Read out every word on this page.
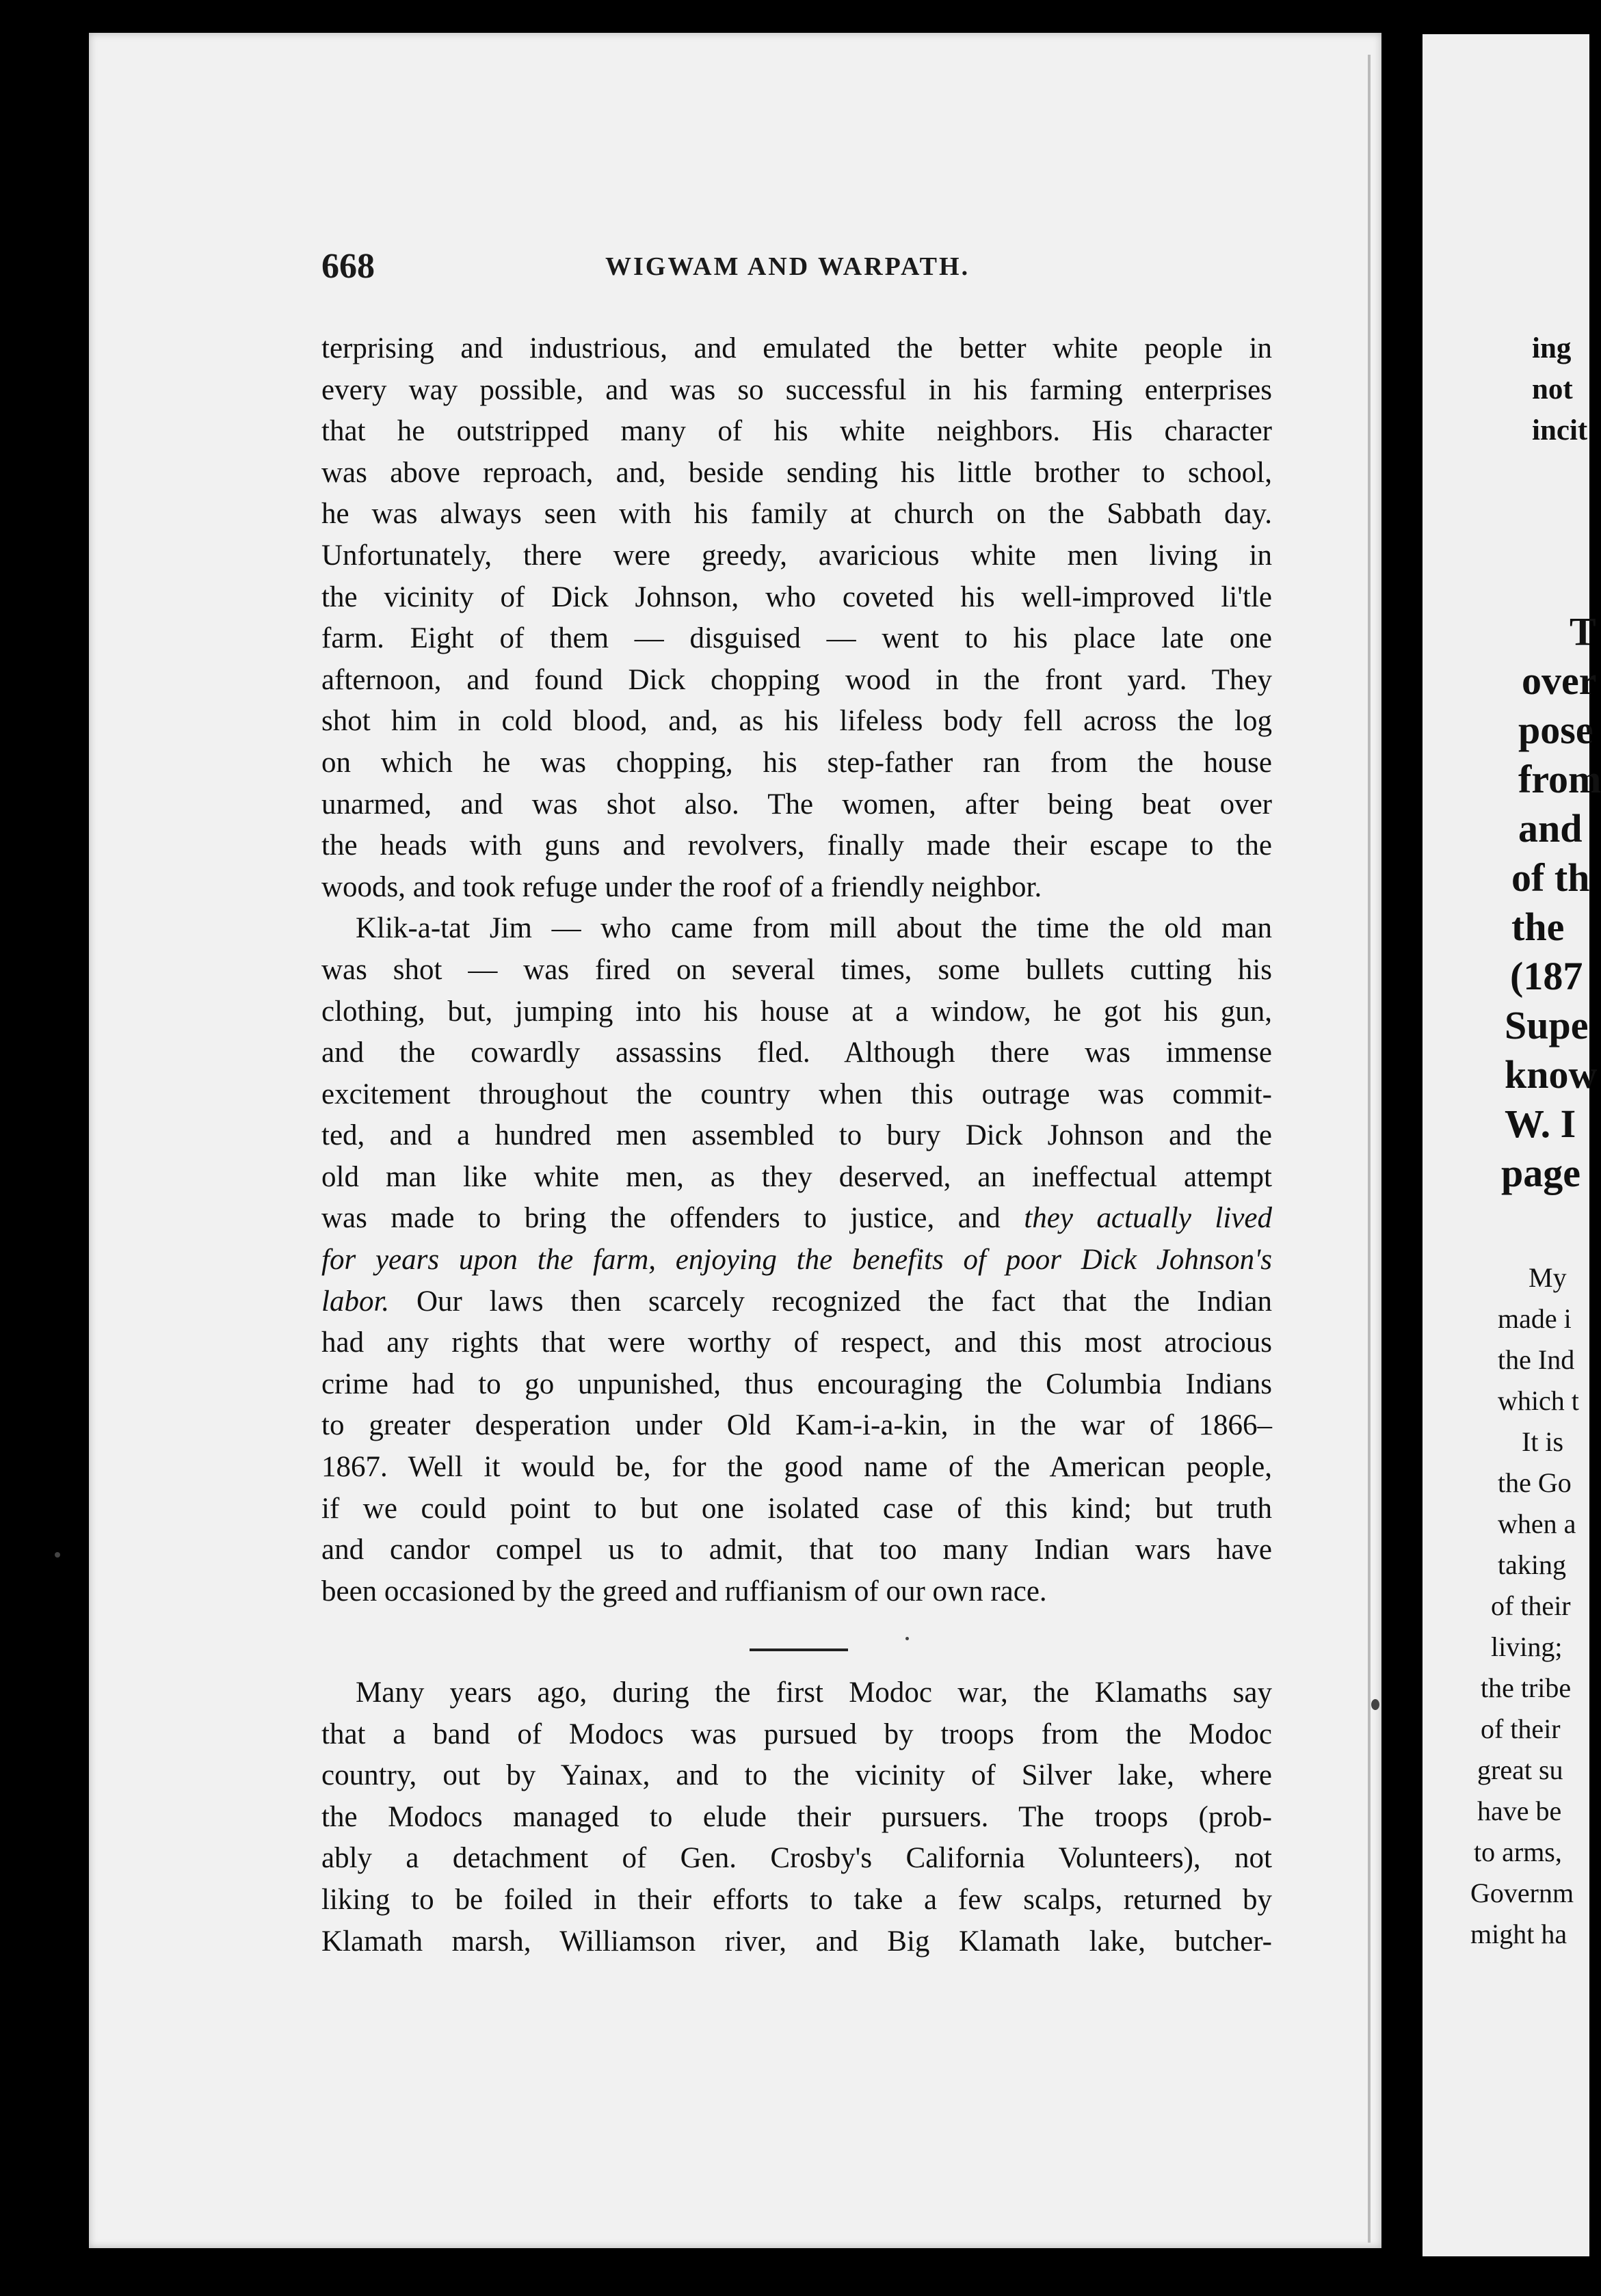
668	WIGWAM AND WARPATH.
terprising and industrious, and emulated the better white people in
every way possible, and was so successful in his farming enterprises
that he outstripped many of his white neighbors. His character
was above reproach, and, beside sending his little brother to school,
he was always seen with his family at church on the Sabbath day.
Unfortunately, there were greedy, avaricious white men living in
the vicinity of Dick Johnson, who coveted his well-improved li'tle
farm. Eight of them — disguised — went to his place late one
afternoon, and found Dick chopping wood in the front yard. They
shot him in cold blood, and, as his lifeless body fell across the log
on which he was chopping, his step-father ran from the house
unarmed, and was shot also. The women, after being beat over
the heads with guns and revolvers, finally made their escape to the
woods, and took refuge under the roof of a friendly neighbor.
Klik-a-tat Jim — who came from mill about the time the old man
was shot — was fired on several times, some bullets cutting his
clothing, but, jumping into his house at a window, he got his gun,
and the cowardly assassins fled. Although there was immense
excitement throughout the country when this outrage was commit-
ted, and a hundred men assembled to bury Dick Johnson and the
old man like white men, as they deserved, an ineffectual attempt
was made to bring the offenders to justice, and they actually lived
for years upon the farm, enjoying the benefits of poor Dick Johnson's
labor. Our laws then scarcely recognized the fact that the Indian
had any rights that were worthy of respect, and this most atrocious
crime had to go unpunished, thus encouraging the Columbia Indians
to greater desperation under Old Kam-i-a-kin, in the war of 1866–
1867. Well it would be, for the good name of the American people,
if we could point to but one isolated case of this kind; but truth
and candor compel us to admit, that too many Indian wars have
been occasioned by the greed and ruffianism of our own race.
Many years ago, during the first Modoc war, the Klamaths say
that a band of Modocs was pursued by troops from the Modoc
country, out by Yainax, and to the vicinity of Silver lake, where
the Modocs managed to elude their pursuers. The troops (prob-
ably a detachment of Gen. Crosby's California Volunteers), not
liking to be foiled in their efforts to take a few scalps, returned by
Klamath marsh, Williamson river, and Big Klamath lake, butcher-
ing
not
incit
T
over
pose
from
and
of th
the
(187
Supe
know
W. I
page
My
made i
the Ind
which t
It is
the Go
when a
taking
of their
living;
the tribe
of their
great su
have be
to arms,
Governm
might ha
